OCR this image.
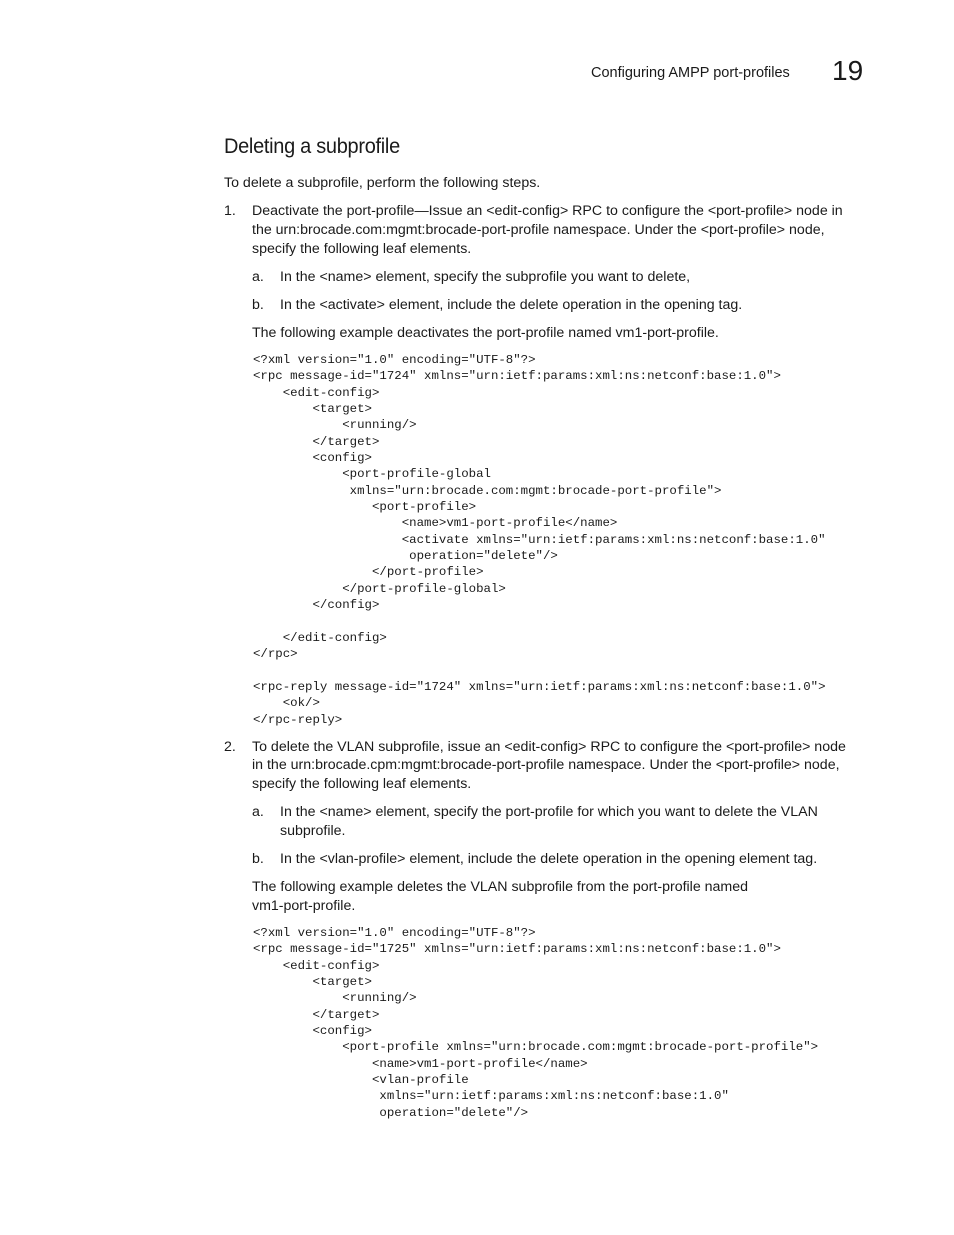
Configuring AMPP port-profiles 19
Deleting a subprofile
To delete a subprofile, perform the following steps.
1. Deactivate the port-profile—Issue an <edit-config> RPC to configure the <port-profile> node in
the urn:brocade.com:mgmt:brocade-port-profile namespace. Under the <port-profile> node,
specify the following leaf elements.
a. In the <name> element, specify the subprofile you want to delete,
b. In the <activate> element, include the delete operation in the opening tag.
The following example deactivates the port-profile named vm1-port-profile.
<?xml version="1.0" encoding="UTF-8"?>
<rpc message-id="1724" xmlns="urn:ietf:params:xml:ns:netconf:base:1.0">
<edit-config>
<target>
<running/>
</target>
<config>
<port-profile-global
xmlns="urn:brocade.com:mgmt:brocade-port-profile">
<port-profile>
<name>vm1-port-profile</name>
<activate xmlns="urn:ietf:params:xml:ns:netconf:base:1.0"
operation="delete"/>
</port-profile>
</port-profile-global>
</config>

</edit-config>
</rpc>

<rpc-reply message-id="1724" xmlns="urn:ietf:params:xml:ns:netconf:base:1.0">
<ok/>
</rpc-reply>
2. To delete the VLAN subprofile, issue an <edit-config> RPC to configure the <port-profile> node
in the urn:brocade.cpm:mgmt:brocade-port-profile namespace. Under the <port-profile> node,
specify the following leaf elements.
a. In the <name> element, specify the port-profile for which you want to delete the VLAN
subprofile.
b. In the <vlan-profile> element, include the delete operation in the opening element tag.
The following example deletes the VLAN subprofile from the port-profile named
vm1-port-profile.
<?xml version="1.0" encoding="UTF-8"?>
<rpc message-id="1725" xmlns="urn:ietf:params:xml:ns:netconf:base:1.0">
<edit-config>
<target>
<running/>
</target>
<config>
<port-profile xmlns="urn:brocade.com:mgmt:brocade-port-profile">
<name>vm1-port-profile</name>
<vlan-profile
xmlns="urn:ietf:params:xml:ns:netconf:base:1.0"
operation="delete"/>
